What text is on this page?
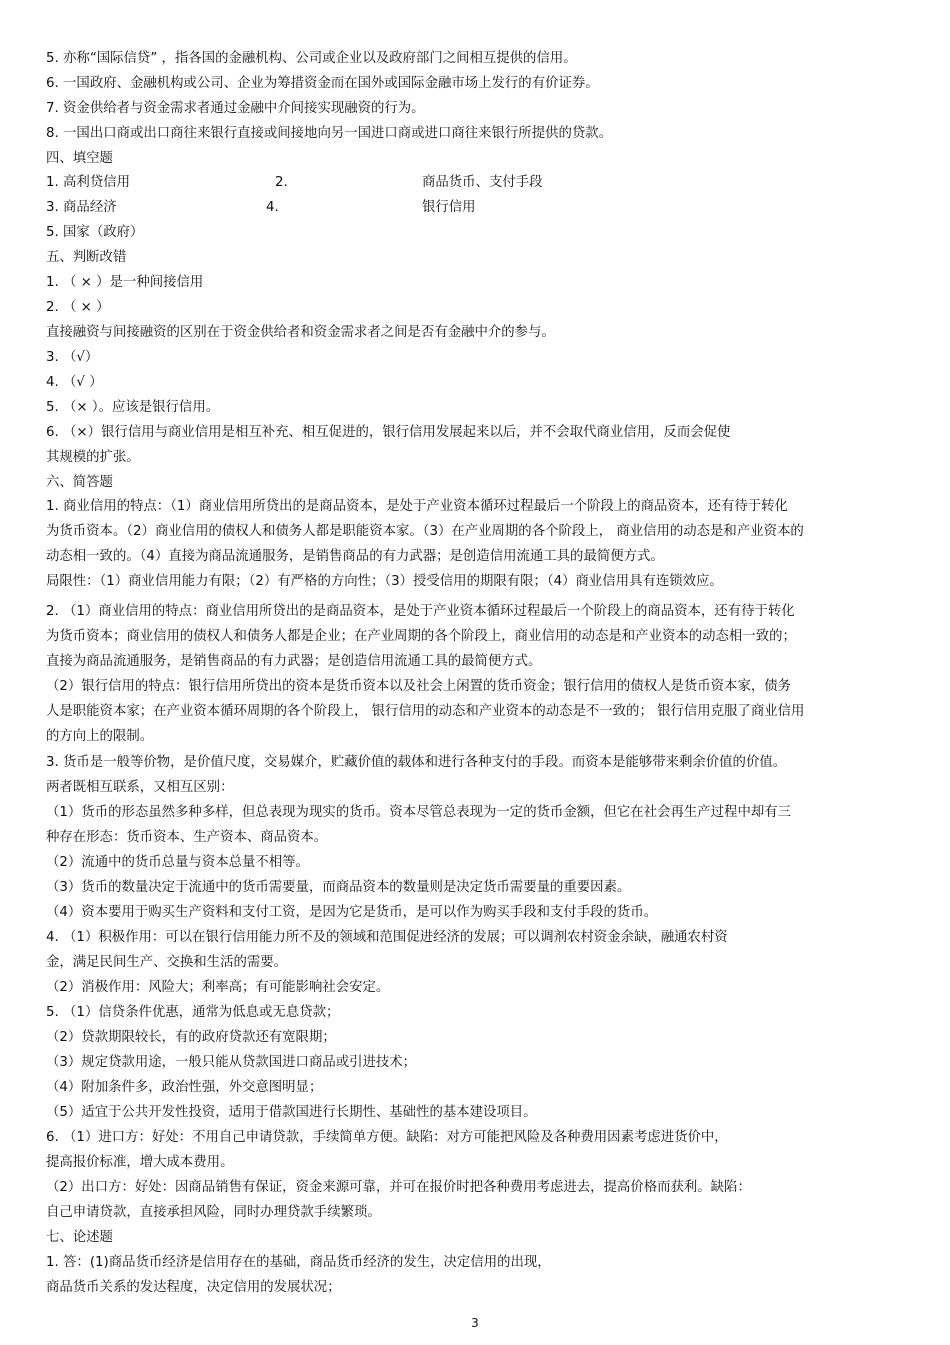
5. 亦称“国际信贷” ，指各国的金融机构、公司或企业以及政府部门之间相互提供的信用。
6. 一国政府、金融机构或公司、企业为筹措资金而在国外或国际金融市场上发行的有价证券。
7. 资金供给者与资金需求者通过金融中介间接实现融资的行为。
8. 一国出口商或出口商往来银行直接或间接地向另一国进口商或进口商往来银行所提供的贷款。
四、填空题
5. 国家（政府）
五、判断改错
1. （ × ）是一种间接信用
2. （ × ）
直接融资与间接融资的区别在于资金供给者和资金需求者之间是否有金融中介的参与。
3. （√）
4. （√ ）
5. （× ）。应该是银行信用。
6. （×）银行信用与商业信用是相互补充、相互促进的，银行信用发展起来以后，并不会取代商业信用，反而会促使
其规模的扩张。
六、简答题
1. 商业信用的特点：（1）商业信用所贷出的是商品资本，是处于产业资本循环过程最后一个阶段上的商品资本，还有待于转化
为货币资本。（2）商业信用的债权人和债务人都是职能资本家。（3）在产业周期的各个阶段上， 商业信用的动态是和产业资本的
动态相一致的。（4）直接为商品流通服务，是销售商品的有力武器；是创造信用流通工具的最简便方式。
局限性：（1）商业信用能力有限；（2）有严格的方向性；（3）授受信用的期限有限；（4）商业信用具有连锁效应。
2. （1）商业信用的特点：商业信用所贷出的是商品资本，是处于产业资本循环过程最后一个阶段上的商品资本，还有待于转化
为货币资本；商业信用的债权人和债务人都是企业；在产业周期的各个阶段上，商业信用的动态是和产业资本的动态相一致的；
直接为商品流通服务，是销售商品的有力武器；是创造信用流通工具的最简便方式。
（2）银行信用的特点：银行信用所贷出的资本是货币资本以及社会上闲置的货币资金；银行信用的债权人是货币资本家，债务
人是职能资本家；在产业资本循环周期的各个阶段上， 银行信用的动态和产业资本的动态是不一致的； 银行信用克服了商业信用
的方向上的限制。
3. 货币是一般等价物，是价值尺度，交易媒介，贮藏价值的载体和进行各种支付的手段。而资本是能够带来剩余价值的价值。
两者既相互联系，又相互区别：
（1）货币的形态虽然多种多样，但总表现为现实的货币。资本尽管总表现为一定的货币金额，但它在社会再生产过程中却有三
种存在形态：货币资本、生产资本、商品资本。
（2）流通中的货币总量与资本总量不相等。
（3）货币的数量决定于流通中的货币需要量，而商品资本的数量则是决定货币需要量的重要因素。
（4）资本要用于购买生产资料和支付工资，是因为它是货币，是可以作为购买手段和支付手段的货币。
4. （1）积极作用：可以在银行信用能力所不及的领域和范围促进经济的发展；可以调剂农村资金余缺，融通农村资
金，满足民间生产、交换和生活的需要。
（2）消极作用：风险大；利率高；有可能影响社会安定。
5. （1）信贷条件优惠，通常为低息或无息贷款；
（2）贷款期限较长，有的政府贷款还有宽限期；
（3）规定贷款用途，一般只能从贷款国进口商品或引进技术；
（4）附加条件多，政治性强，外交意图明显；
（5）适宜于公共开发性投资，适用于借款国进行长期性、基础性的基本建设项目。
6. （1）进口方：好处：不用自己申请贷款，手续简单方便。缺陷：对方可能把风险及各种费用因素考虑进货价中，
提高报价标准，增大成本费用。
（2）出口方：好处：因商品销售有保证，资金来源可靠，并可在报价时把各种费用考虑进去，提高价格而获利。缺陷：
自己申请贷款，直接承担风险，同时办理贷款手续繁琐。
七、论述题
1. 答：(1)商品货币经济是信用存在的基础，商品货币经济的发生，决定信用的出现，
商品货币关系的发达程度，决定信用的发展状况；
1. 高利贷信用	2.	商品货币、支付手段
3. 商品经济	4.	银行信用
3
